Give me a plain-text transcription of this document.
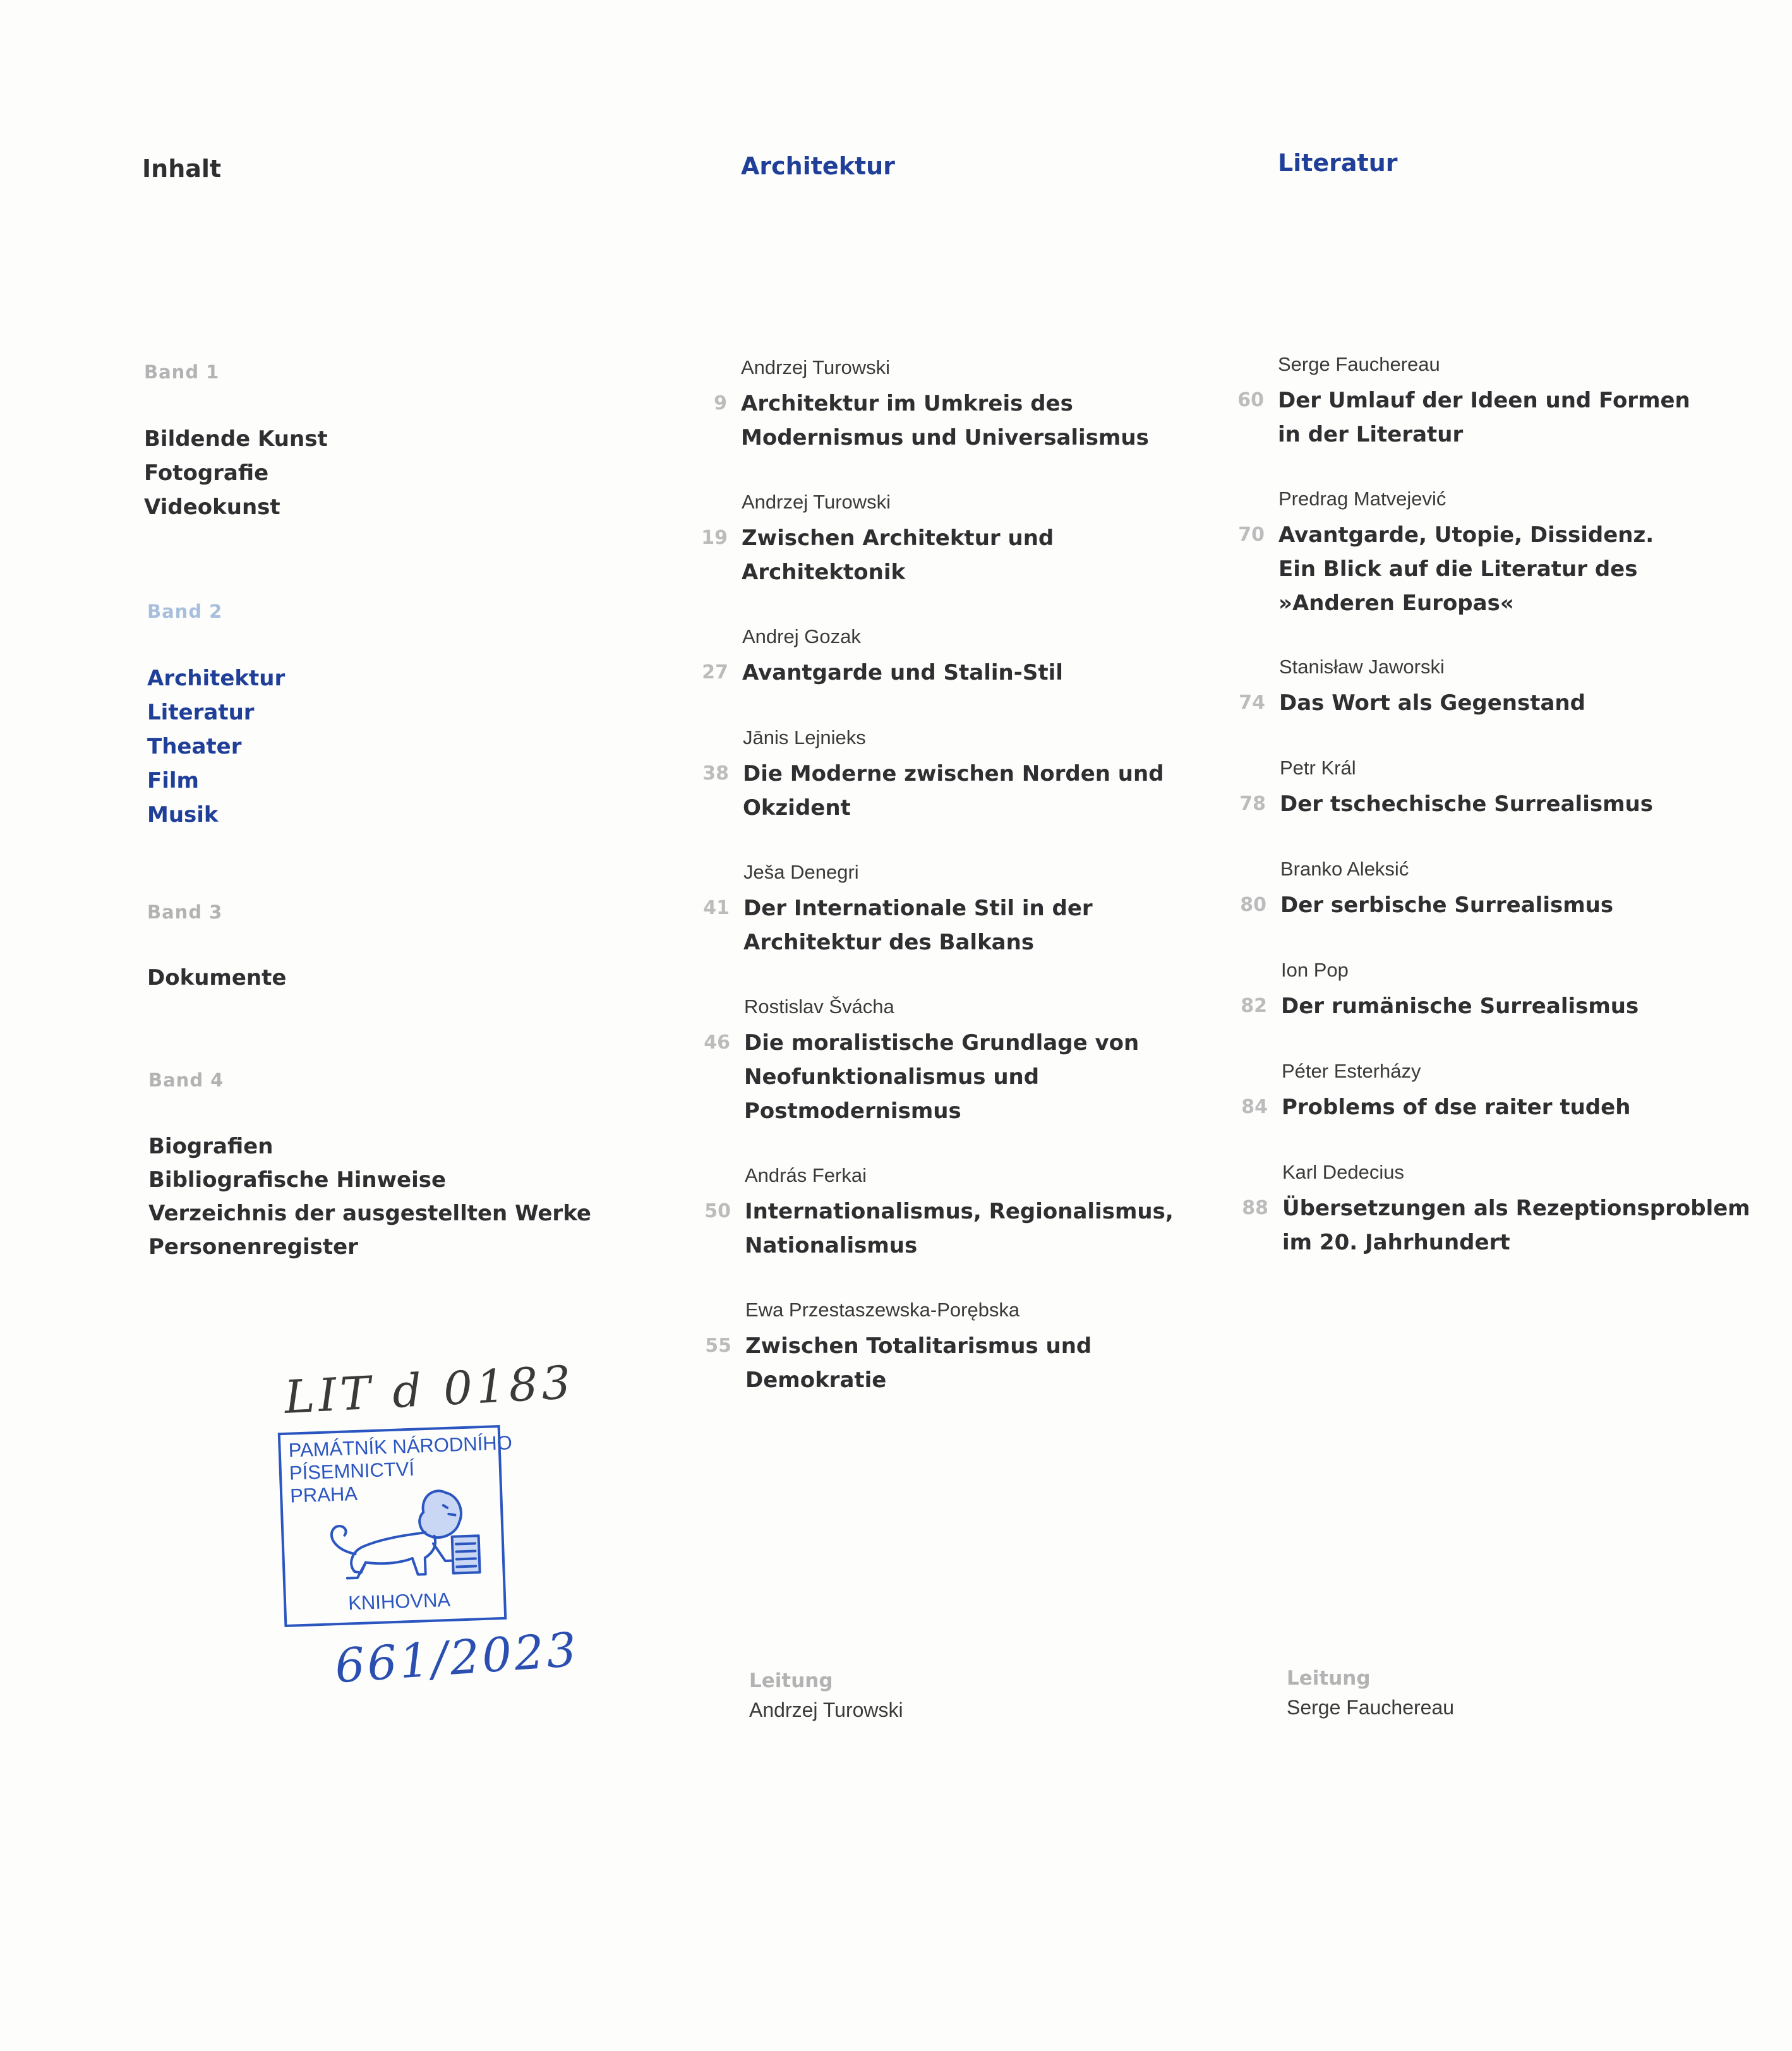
Inhalt	Architektur	Literatur
Band 1
Bildende Kunst
Fotografie
Videokunst
Band 2
Architektur
Literatur
Theater
Film
Musik
Band 3
Dokumente
Band 4
Biografien
Bibliografische Hinweise
Verzeichnis der ausgestellten Werke
Personenregister
Andrzej Turowski
9 Architektur im Umkreis des
Modernismus und Universalismus
Andrzej Turowski
19 Zwischen Architektur und
Architektonik
Andrej Gozak
27 Avantgarde und Stalin-Stil
Jānis Lejnieks
38 Die Moderne zwischen Norden und
Okzident
Ješa Denegri
41 Der Internationale Stil in der
Architektur des Balkans
Rostislav Švácha
46 Die moralistische Grundlage von
Neofunktionalismus und
Postmodernismus
András Ferkai
50 Internationalismus, Regionalismus,
Nationalismus
Ewa Przestaszewska-Porębska
55 Zwischen Totalitarismus und
Demokratie
Serge Fauchereau
60 Der Umlauf der Ideen und Formen
in der Literatur
Predrag Matvejević
70 Avantgarde, Utopie, Dissidenz.
Ein Blick auf die Literatur des
»Anderen Europas«
Stanisław Jaworski
74 Das Wort als Gegenstand
Petr Král
78 Der tschechische Surrealismus
Branko Aleksić
80 Der serbische Surrealismus
Ion Pop
82 Der rumänische Surrealismus
Péter Esterházy
84 Problems of dse raiter tudeh
Karl Dedecius
88 Übersetzungen als Rezeptionsproblem
im 20. Jahrhundert
Leitung
Andrzej Turowski
Leitung
Serge Fauchereau
LIT d 0183
PAMÁTNÍK NÁRODNÍHO
PÍSEMNICTVÍ
PRAHA
KNIHOVNA
661/2023
